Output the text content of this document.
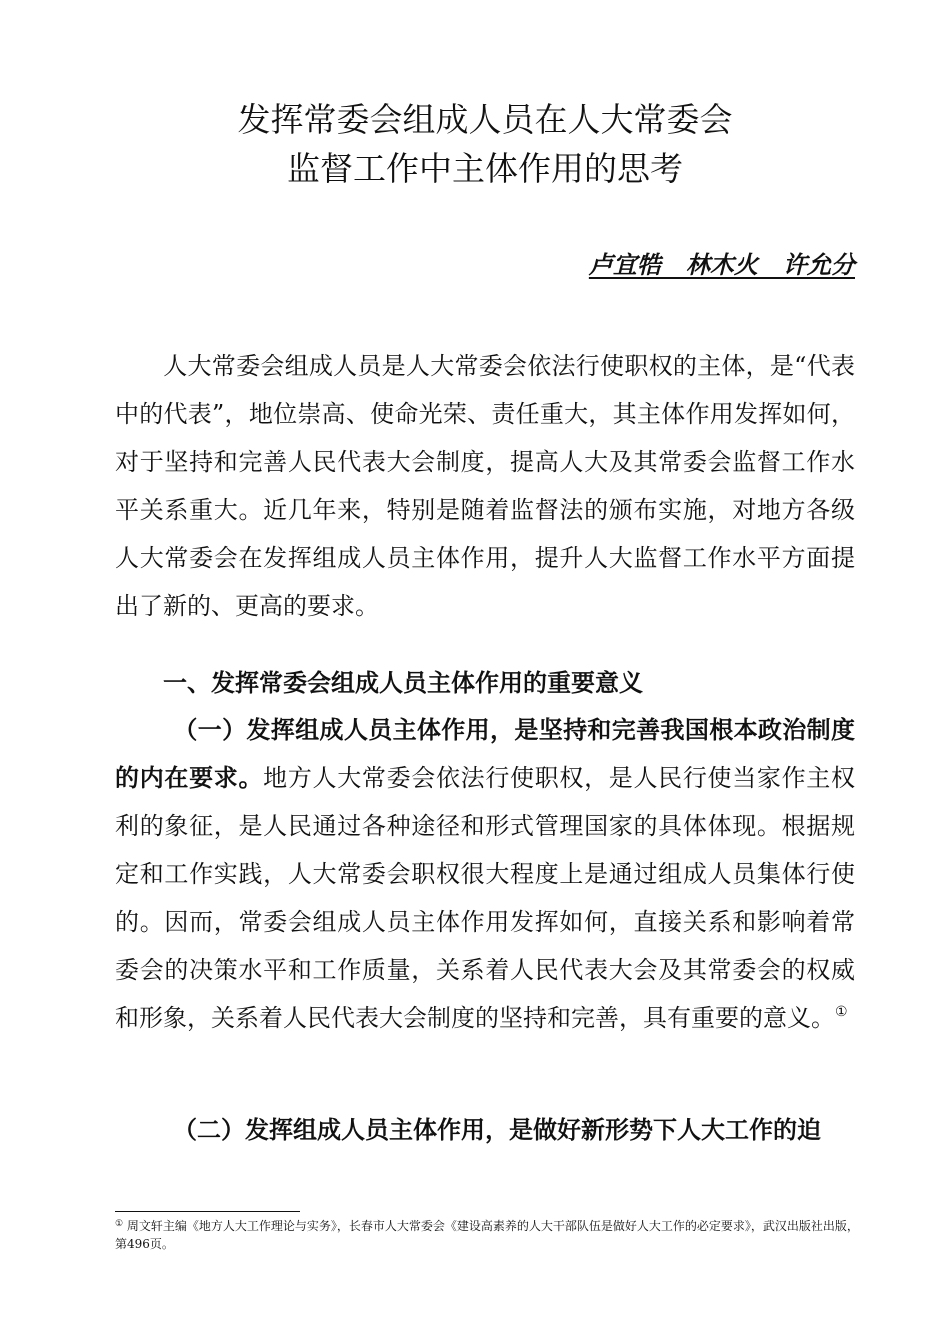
发挥常委会组成人员在人大常委会
监督工作中主体作用的思考
卢宜牿   林木火   许允分

人大常委会组成人员是人大常委会依法行使职权的主体，是“代表中的代表”，地位崇高、使命光荣、责任重大，其主体作用发挥如何，对于坚持和完善人民代表大会制度，提高人大及其常委会监督工作水平关系重大。近几年来，特别是随着监督法的颁布实施，对地方各级人大常委会在发挥组成人员主体作用，提升人大监督工作水平方面提出了新的、更高的要求。

一、发挥常委会组成人员主体作用的重要意义

（一）发挥组成人员主体作用，是坚持和完善我国根本政治制度的内在要求。地方人大常委会依法行使职权，是人民行使当家作主权利的象征，是人民通过各种途径和形式管理国家的具体体现。根据规定和工作实践，人大常委会职权很大程度上是通过组成人员集体行使的。因而，常委会组成人员主体作用发挥如何，直接关系和影响着常委会的决策水平和工作质量，关系着人民代表大会及其常委会的权威和形象，关系着人民代表大会制度的坚持和完善，具有重要的意义。①

（二）发挥组成人员主体作用，是做好新形势下人大工作的迫

① 周文轩主编《地方人大工作理论与实务》，长春市人大常委会《建设高素养的人大干部队伍是做好人大工作的必定要求》，武汉出版社出版，第496页。
